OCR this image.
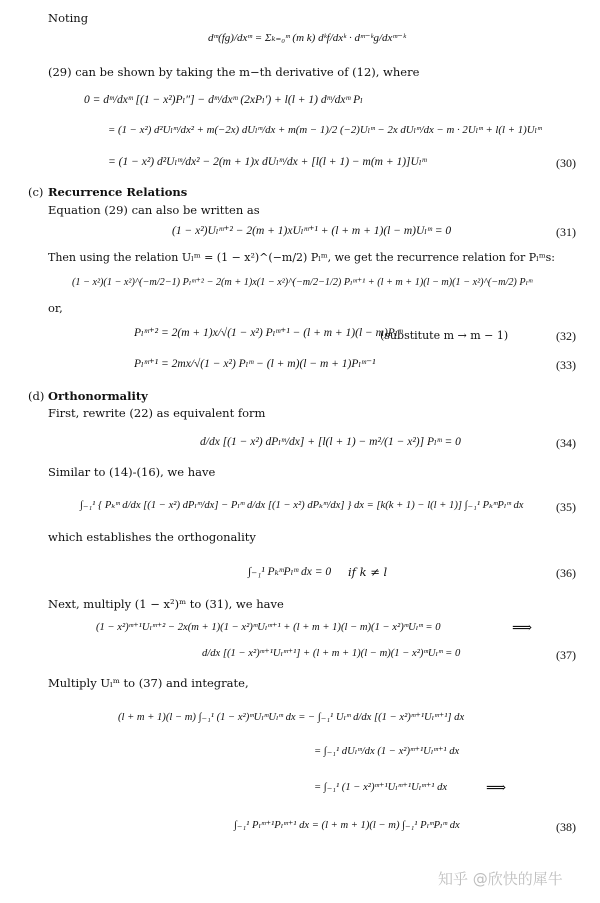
Noting
dᵐ(fg)/dxᵐ = Σₖ₌₀ᵐ (m k) dᵏf/dxᵏ · dᵐ⁻ᵏg/dxᵐ⁻ᵏ
(29) can be shown by taking the m−th derivative of (12), where
0 = dᵐ/dxᵐ [(1 − x²)Pₗ″] − dᵐ/dxᵐ (2xPₗ′) + l(l + 1) dᵐ/dxᵐ Pₗ
= (1 − x²) d²Uₗᵐ/dx² + m(−2x) dUₗᵐ/dx + m(m − 1)/2 (−2)Uₗᵐ − 2x dUₗᵐ/dx − m · 2Uₗᵐ + l(l + 1)Uₗᵐ
= (1 − x²) d²Uₗᵐ/dx² − 2(m + 1)x dUₗᵐ/dx + [l(l + 1) − m(m + 1)]Uₗᵐ	(30)
(c) Recurrence Relations
Equation (29) can also be written as
(1 − x²)Uₗᵐ⁺² − 2(m + 1)xUₗᵐ⁺¹ + (l + m + 1)(l − m)Uₗᵐ = 0	(31)
Then using the relation Uₗᵐ = (1 − x²)^(−m/2) Pₗᵐ, we get the recurrence relation for Pₗᵐs:
(1 − x²)(1 − x²)^(−m/2−1) Pₗᵐ⁺² − 2(m + 1)x(1 − x²)^(−m/2−1/2) Pₗᵐ⁺¹ + (l + m + 1)(l − m)(1 − x²)^(−m/2) Pₗᵐ
or,
Pₗᵐ⁺² = 2(m + 1)x/√(1 − x²) Pₗᵐ⁺¹ − (l + m + 1)(l − m)Pₗᵐ
(substitute m → m − 1)	(32)
Pₗᵐ⁺¹ = 2mx/√(1 − x²) Pₗᵐ − (l + m)(l − m + 1)Pₗᵐ⁻¹	(33)
(d) Orthonormality
First, rewrite (22) as equivalent form
d/dx [(1 − x²) dPₗᵐ/dx] + [l(l + 1) − m²/(1 − x²)] Pₗᵐ = 0	(34)
Similar to (14)-(16), we have
∫₋₁¹ { Pₖᵐ d/dx [(1 − x²) dPₗᵐ/dx] − Pₗᵐ d/dx [(1 − x²) dPₖᵐ/dx] } dx = [k(k + 1) − l(l + 1)] ∫₋₁¹ PₖᵐPₗᵐ dx	(35)
which establishes the orthogonality
∫₋₁¹ PₖᵐPₗᵐ dx = 0 if k ≠ l	(36)
Next, multiply (1 − x²)ᵐ to (31), we have
(1 − x²)ᵐ⁺¹Uₗᵐ⁺² − 2x(m + 1)(1 − x²)ᵐUₗᵐ⁺¹ + (l + m + 1)(l − m)(1 − x²)ᵐUₗᵐ = 0	⟹
d/dx [(1 − x²)ᵐ⁺¹Uₗᵐ⁺¹] + (l + m + 1)(l − m)(1 − x²)ᵐUₗᵐ = 0	(37)
Multiply Uₗᵐ to (37) and integrate,
(l + m + 1)(l − m) ∫₋₁¹ (1 − x²)ᵐUₗᵐUₗᵐ dx = − ∫₋₁¹ Uₗᵐ d/dx [(1 − x²)ᵐ⁺¹Uₗᵐ⁺¹] dx
= ∫₋₁¹ dUₗᵐ/dx (1 − x²)ᵐ⁺¹Uₗᵐ⁺¹ dx
= ∫₋₁¹ (1 − x²)ᵐ⁺¹Uₗᵐ⁺¹Uₗᵐ⁺¹ dx	⟹
∫₋₁¹ Pₗᵐ⁺¹Pₗᵐ⁺¹ dx = (l + m + 1)(l − m) ∫₋₁¹ PₗᵐPₗᵐ dx	(38)
知乎 @欣快的犀牛
